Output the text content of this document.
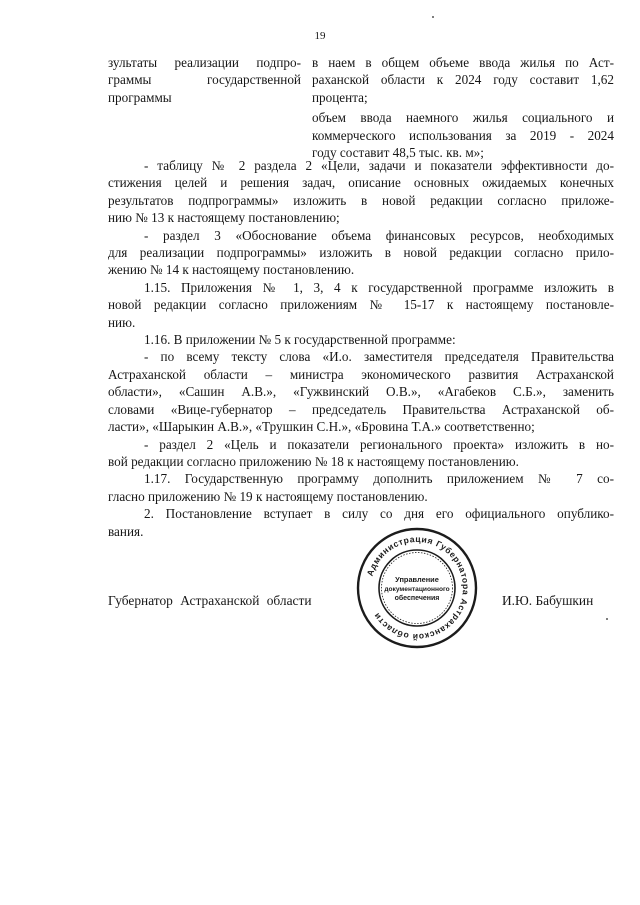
19
зультаты реализации подпро-
граммы государственной
программы
в наем в общем объеме ввода жилья по Аст-
раханской области к 2024 году составит 1,62
процента;
объем ввода наемного жилья социального и
коммерческого использования за 2019 - 2024
году составит 48,5 тыс. кв. м»;
- таблицу № 2 раздела 2 «Цели, задачи и показатели эффективности до-
стижения целей и решения задач, описание основных ожидаемых конечных
результатов подпрограммы» изложить в новой редакции согласно приложе-
нию № 13 к настоящему постановлению;
- раздел 3 «Обоснование объема финансовых ресурсов, необходимых
для реализации подпрограммы» изложить в новой редакции согласно прило-
жению № 14 к настоящему постановлению.
1.15. Приложения № 1, 3, 4 к государственной программе изложить в
новой редакции согласно приложениям № 15-17 к настоящему постановле-
нию.
1.16. В приложении № 5 к государственной программе:
- по всему тексту слова «И.о. заместителя председателя Правительства
Астраханской области – министра экономического развития Астраханской
области», «Сашин А.В.», «Гужвинский О.В.», «Агабеков С.Б.», заменить
словами «Вице-губернатор – председатель Правительства Астраханской об-
ласти», «Шарыкин А.В.», «Трушкин С.Н.», «Бровина Т.А.» соответственно;
- раздел 2 «Цель и показатели регионального проекта» изложить в но-
вой редакции согласно приложению № 18 к настоящему постановлению.
1.17. Государственную программу дополнить приложением № 7 со-
гласно приложению № 19 к настоящему постановлению.
2. Постановление вступает в силу со дня его официального опублико-
вания.
Губернатор Астраханской области	И.Ю. Бабушкин
Администрация Губернатора Астраханской области
Управление
документационного
обеспечения
